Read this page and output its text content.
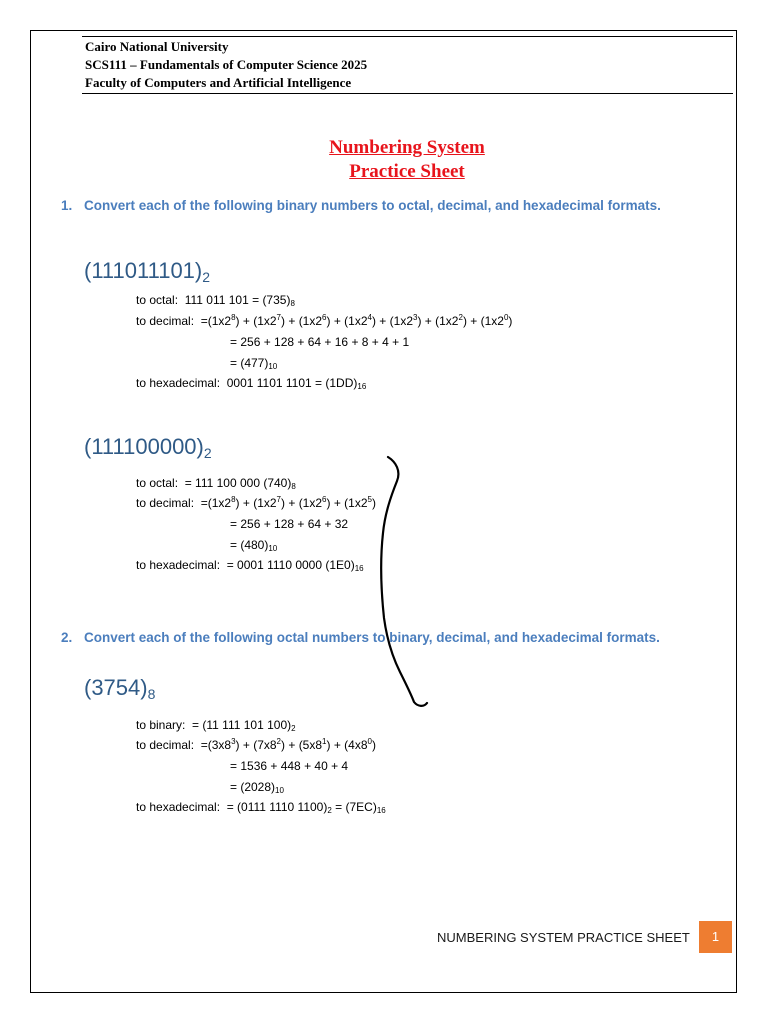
Cairo National University
SCS111 – Fundamentals of Computer Science 2025
Faculty of Computers and Artificial Intelligence
Numbering System
Practice Sheet
1. Convert each of the following binary numbers to octal, decimal, and hexadecimal formats.
$(111011101)_2$
to octal: 111 011 $101 = (735)_8$
to decimal:  $=(1x2^8) + (1x2^7) + (1x2^6) + (1x2^4) + (1x2^3) + (1x2^2) + (1x2^0)$
= 256 + 128 + 64 + 16 + 8 + 4 + 1
= $(477)_{10}$
to hexadecimal: 0001 1101 $1101 = (1DD)_{16}$
$(111100000)_2$
to octal: = 111 100 000 $(740)_8$
to decimal:  $=(1x2^8) + (1x2^7) + (1x2^6) + (1x2^5)$
= 256 + 128 + 64 + 32
= $(480)_{10}$
to hexadecimal: = 0001 1110 0000 $(1E0)_{16}$
2. Convert each of the following octal numbers to binary, decimal, and hexadecimal formats.
$(3754)_8$
to binary: = (11 111 101 $100)_2$
to decimal:  $=(3x8^3) + (7x8^2) + (5x8^1) + (4x8^0)$
= 1536 + 448 + 40 + 4
= $(2028)_{10}$
to hexadecimal: = (0111 1110 $1100)_2 = (7EC)_{16}$
NUMBERING SYSTEM PRACTICE SHEET	1
